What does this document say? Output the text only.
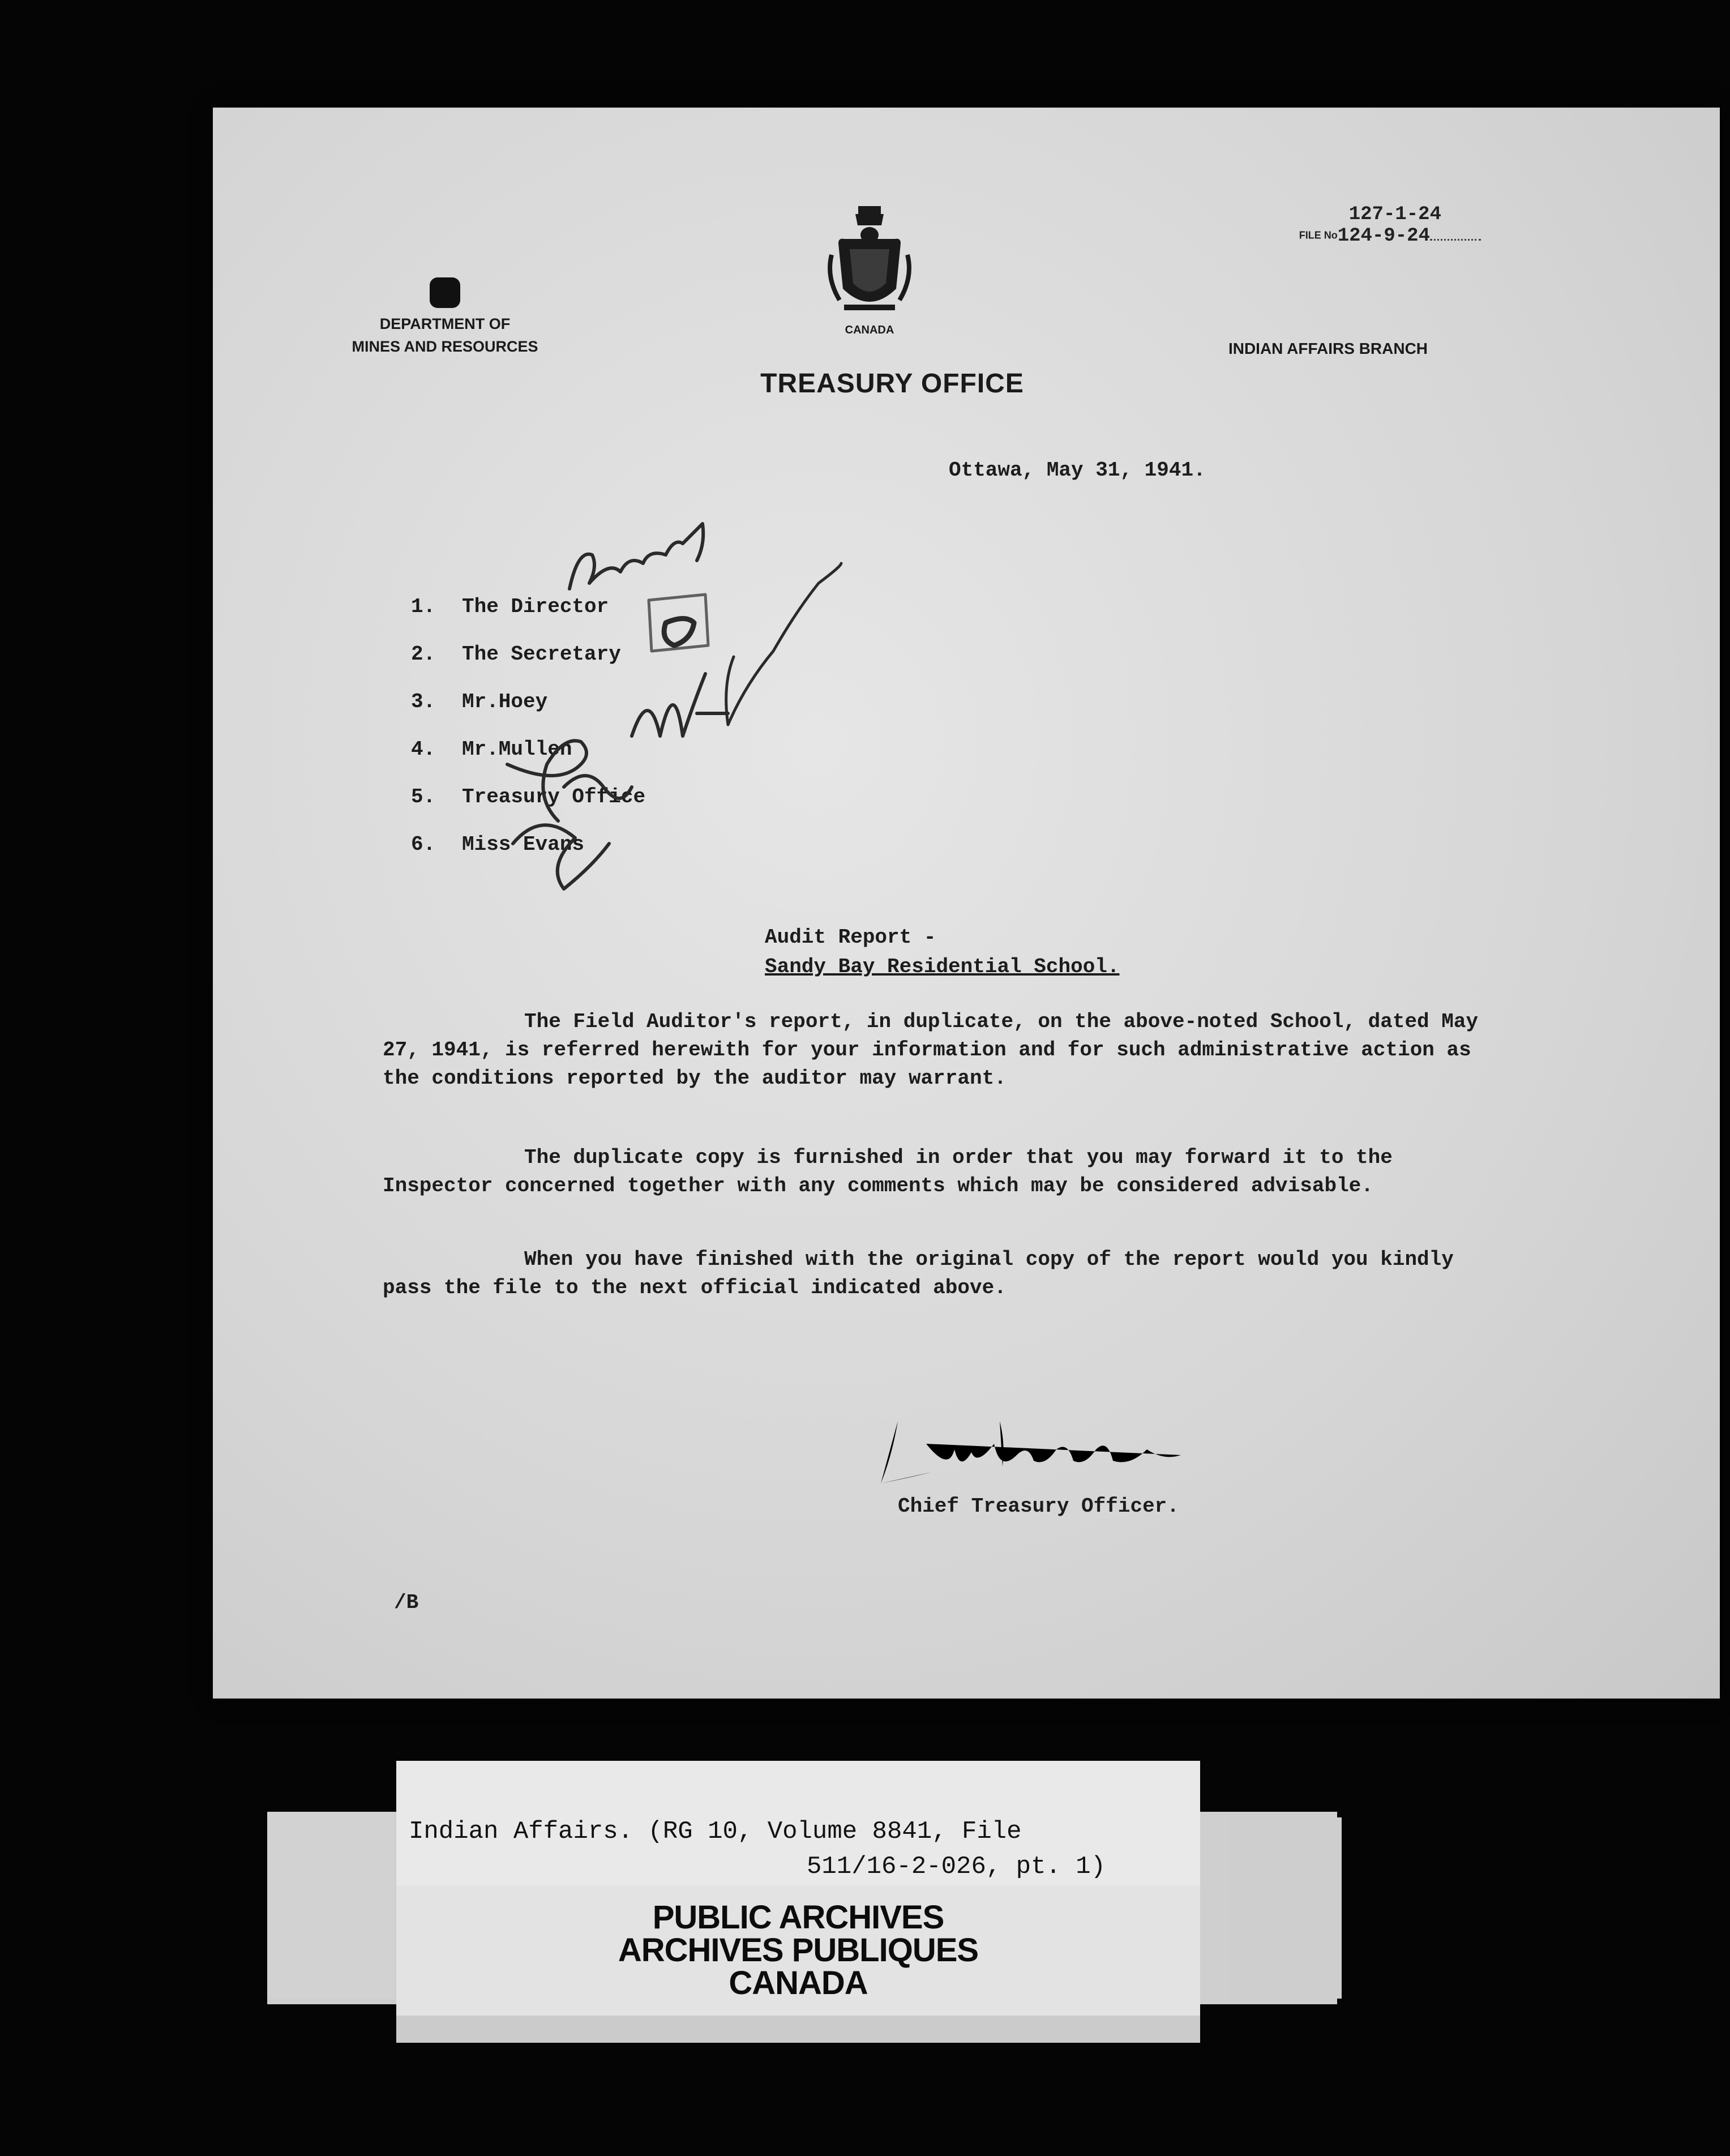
DEPARTMENT OF
MINES AND RESOURCES
CANADA
127-1-24
FILE No124-9-24
INDIAN AFFAIRS BRANCH
TREASURY OFFICE
Ottawa, May 31, 1941.
1. The Director
2. The Secretary
3. Mr.Hoey
4. Mr.Mullen
5. Treasury Office
6. Miss Evans
Audit Report -
Sandy Bay Residential School.
The Field Auditor's report, in duplicate, on the above-noted School, dated May 27, 1941, is referred herewith for your information and for such administrative action as the conditions reported by the auditor may warrant.
The duplicate copy is furnished in order that you may forward it to the Inspector concerned together with any comments which may be considered advisable.
When you have finished with the original copy of the report would you kindly pass the file to the next official indicated above.
Chief Treasury Officer.
/B
Indian Affairs. (RG 10, Volume 8841, File
511/16-2-026, pt. 1)
PUBLIC ARCHIVES
ARCHIVES PUBLIQUES
CANADA
